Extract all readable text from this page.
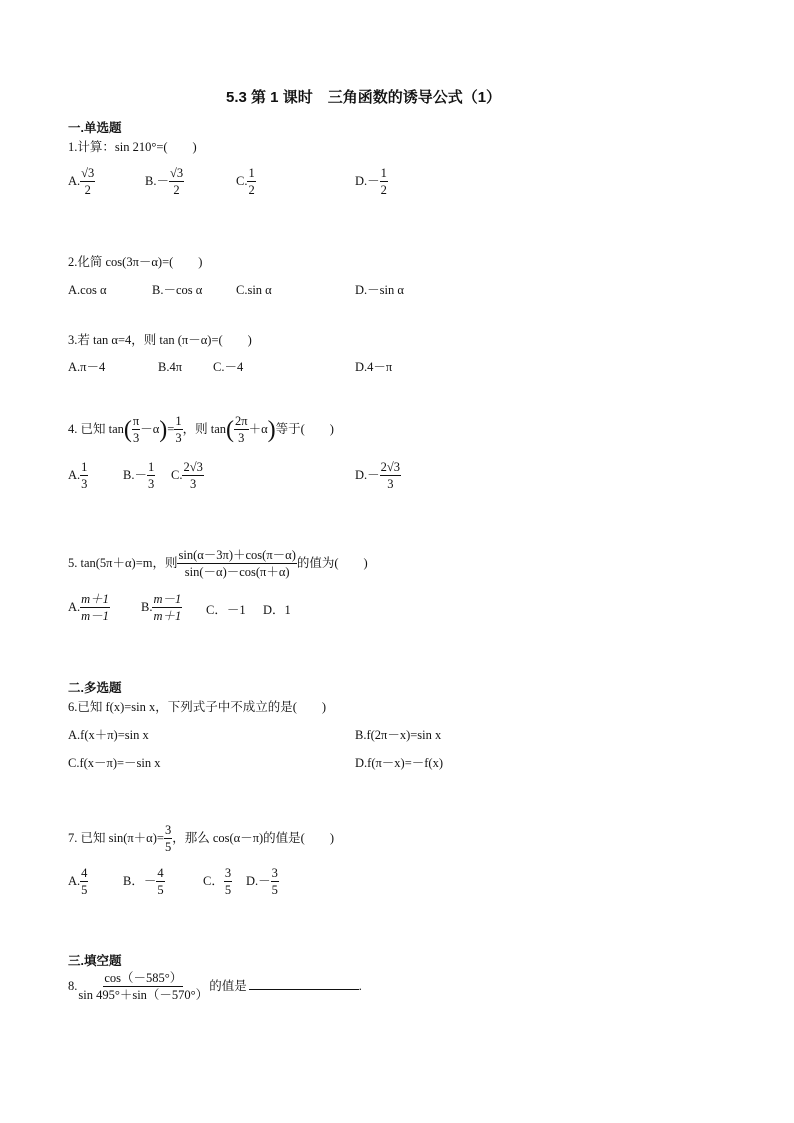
5.3 第 1 课时　三角函数的诱导公式（1）
一.单选题
1.计算：sin 210°=(　　)
A. $\frac{√3}{2}$	$B.- \frac{√3}{2}$	C. $\frac{1}{2}$	$D.- \frac{1}{2}$
2.化简 cos(3π－α)=(　　)
A.cos α	B.－cos α	C.sin α	D.－sin α
3.若 tan α=4，则 tan (π－α)=(　　)
A.π－4	B.4π C.－4	D.4－π
4. 已知 $\tan( \frac{\pi}{3} -\alpha)= \frac{1}{3}$ ，则 $\tan( \frac{2\pi}{3} +\alpha)$等于(　　)
A. $\frac{1}{3}$	$B.- \frac{1}{3} C$. $\frac{2√3}{3}$	$D.- \frac{2√3}{3}$
5. tan(5π＋α)=m，则 $\frac{\sin(\alpha-3\pi)+\cos(\pi-\alpha)}{\sin(-\alpha)-\cos(\pi+\alpha)}$ 的值为(　　)
A. $\frac{m+1}{m-1} B$. $\frac{m-1}{m+1}$ C．－1 D．1
二.多选题
6.已知 f(x)=sin x，下列式子中不成立的是(　　)
A.f(x＋π)=sin x	B.f(2π－x)=sin x
C.f(x－π)=－sin x	D.f(π－x)=－f(x)
7. 已知 $\sin(\pi+\alpha)= \frac{3}{5}$ ，那么 cos(α－π)的值是(　　)
A. $\frac{4}{5}$	B．－ $\frac{4}{5}$	C． $\frac{3}{5} D.- \frac{3}{5}$
三.填空题
8. $\frac{\cos(-585^\circ)}{\sin 495^\circ+\sin(-570^\circ)}$ 的值是	.
